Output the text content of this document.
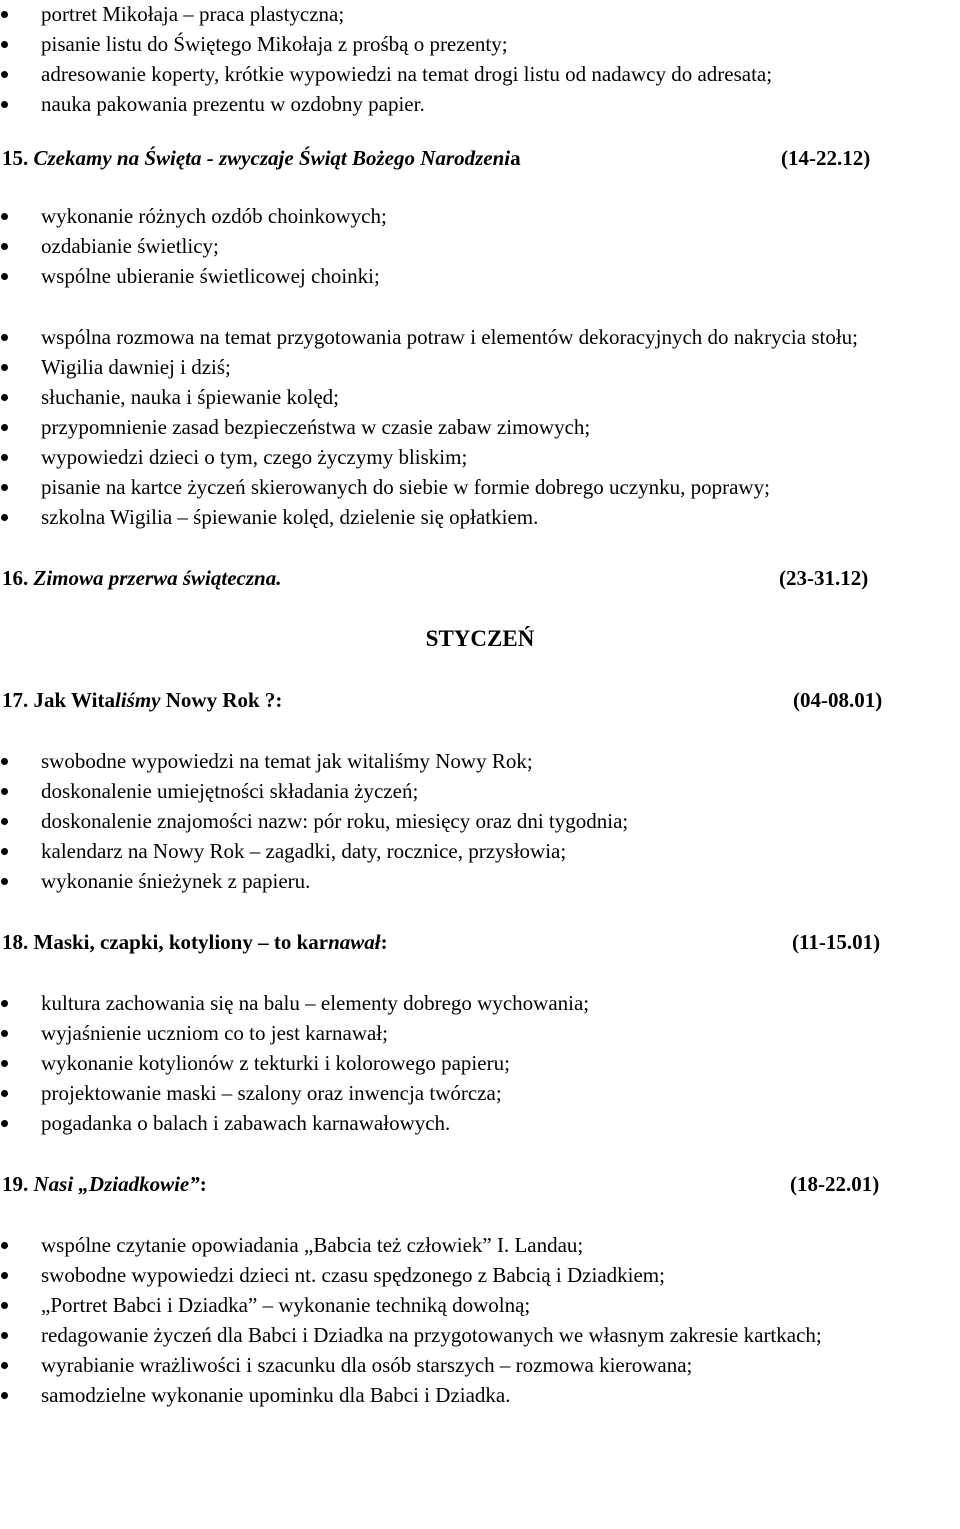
portret Mikołaja – praca plastyczna;
pisanie listu do Świętego Mikołaja z prośbą o prezenty;
adresowanie koperty, krótkie wypowiedzi na temat drogi listu od nadawcy do adresata;
nauka pakowania prezentu w ozdobny papier.
15. Czekamy na Święta - zwyczaje Świąt Bożego Narodzenia	(14-22.12)
wykonanie różnych ozdób choinkowych;
ozdabianie świetlicy;
wspólne ubieranie świetlicowej choinki;
wspólna rozmowa na temat przygotowania potraw i elementów dekoracyjnych do nakrycia stołu;
Wigilia dawniej i dziś;
słuchanie, nauka i śpiewanie kolęd;
przypomnienie zasad bezpieczeństwa w czasie zabaw zimowych;
wypowiedzi dzieci o tym, czego życzymy bliskim;
pisanie na kartce życzeń skierowanych do siebie w formie dobrego uczynku, poprawy;
szkolna Wigilia – śpiewanie kolęd, dzielenie się opłatkiem.
16. Zimowa przerwa świąteczna.	(23-31.12)
STYCZEŃ
17. Jak Witaliśmy Nowy Rok ?:	(04-08.01)
swobodne wypowiedzi na temat jak witaliśmy Nowy Rok;
doskonalenie umiejętności składania życzeń;
doskonalenie znajomości nazw: pór roku, miesięcy oraz dni tygodnia;
kalendarz na Nowy Rok – zagadki, daty, rocznice, przysłowia;
wykonanie śnieżynek z papieru.
18. Maski, czapki, kotyliony – to karnawał:	(11-15.01)
kultura zachowania się na balu – elementy dobrego wychowania;
wyjaśnienie uczniom co to jest karnawał;
wykonanie kotylionów z tekturki i kolorowego papieru;
projektowanie maski – szalony oraz inwencja twórcza;
pogadanka o balach i zabawach karnawałowych.
19. Nasi „Dziadkowie”:	(18-22.01)
wspólne czytanie opowiadania „Babcia też człowiek” I. Landau;
swobodne wypowiedzi dzieci nt. czasu spędzonego z Babcią i Dziadkiem;
„Portret Babci i Dziadka” – wykonanie techniką dowolną;
redagowanie życzeń dla Babci i Dziadka na przygotowanych we własnym zakresie kartkach;
wyrabianie wrażliwości i szacunku dla osób starszych – rozmowa kierowana;
samodzielne wykonanie upominku dla Babci i Dziadka.
